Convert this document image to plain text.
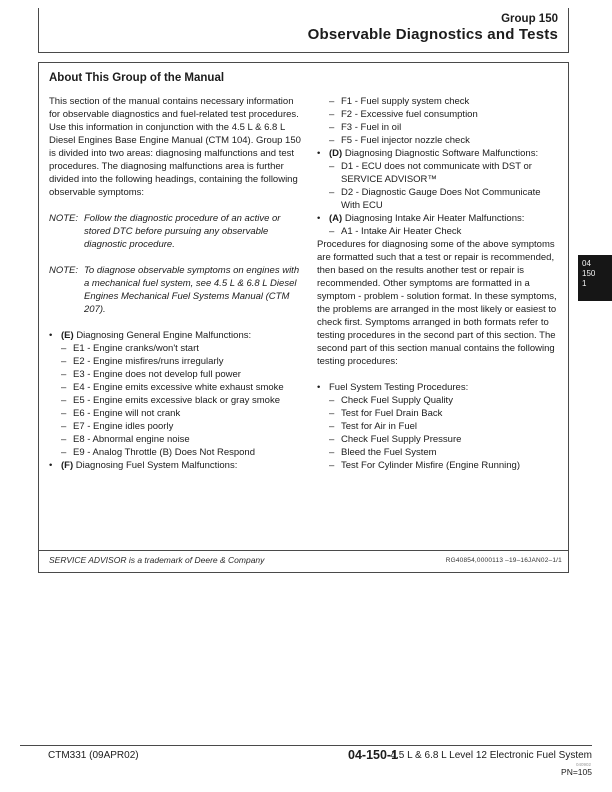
Group 150
Observable Diagnostics and Tests
About This Group of the Manual
This section of the manual contains necessary information for observable diagnostics and fuel-related test procedures. Use this information in conjunction with the 4.5 L & 6.8 L Diesel Engines Base Engine Manual (CTM 104). Group 150 is divided into two areas: diagnosing malfunctions and test procedures. The diagnosing malfunctions area is further divided into the following headings, containing the following observable symptoms:
NOTE: Follow the diagnostic procedure of an active or stored DTC before pursuing any observable diagnostic procedure.
NOTE: To diagnose observable symptoms on engines with a mechanical fuel system, see 4.5 L & 6.8 L Diesel Engines Mechanical Fuel Systems Manual (CTM 207).
• (E) Diagnosing General Engine Malfunctions:
– E1 - Engine cranks/won't start
– E2 - Engine misfires/runs irregularly
– E3 - Engine does not develop full power
– E4 - Engine emits excessive white exhaust smoke
– E5 - Engine emits excessive black or gray smoke
– E6 - Engine will not crank
– E7 - Engine idles poorly
– E8 - Abnormal engine noise
– E9 - Analog Throttle (B) Does Not Respond
• (F) Diagnosing Fuel System Malfunctions:
– F1 - Fuel supply system check
– F2 - Excessive fuel consumption
– F3 - Fuel in oil
– F5 - Fuel injector nozzle check
• (D) Diagnosing Diagnostic Software Malfunctions:
– D1 - ECU does not communicate with DST or SERVICE ADVISOR™
– D2 - Diagnostic Gauge Does Not Communicate With ECU
• (A) Diagnosing Intake Air Heater Malfunctions:
– A1 - Intake Air Heater Check
Procedures for diagnosing some of the above symptoms are formatted such that a test or repair is recommended, then based on the results another test or repair is recommended. Other symptoms are formatted in a symptom - problem - solution format. In these symptoms, the problems are arranged in the most likely or easiest to check first. Symptoms arranged in both formats refer to testing procedures in the second part of this section. The second part of this section manual contains the following testing procedures:
• Fuel System Testing Procedures:
– Check Fuel Supply Quality
– Test for Fuel Drain Back
– Test for Air in Fuel
– Check Fuel Supply Pressure
– Bleed the Fuel System
– Test For Cylinder Misfire (Engine Running)
SERVICE ADVISOR is a trademark of Deere & Company	RG40854,0000113 –19–16JAN02–1/1
04
150
1
CTM331 (09APR02)	04-150-1
4.5 L & 6.8 L Level 12 Electronic Fuel System
040902
PN=105
